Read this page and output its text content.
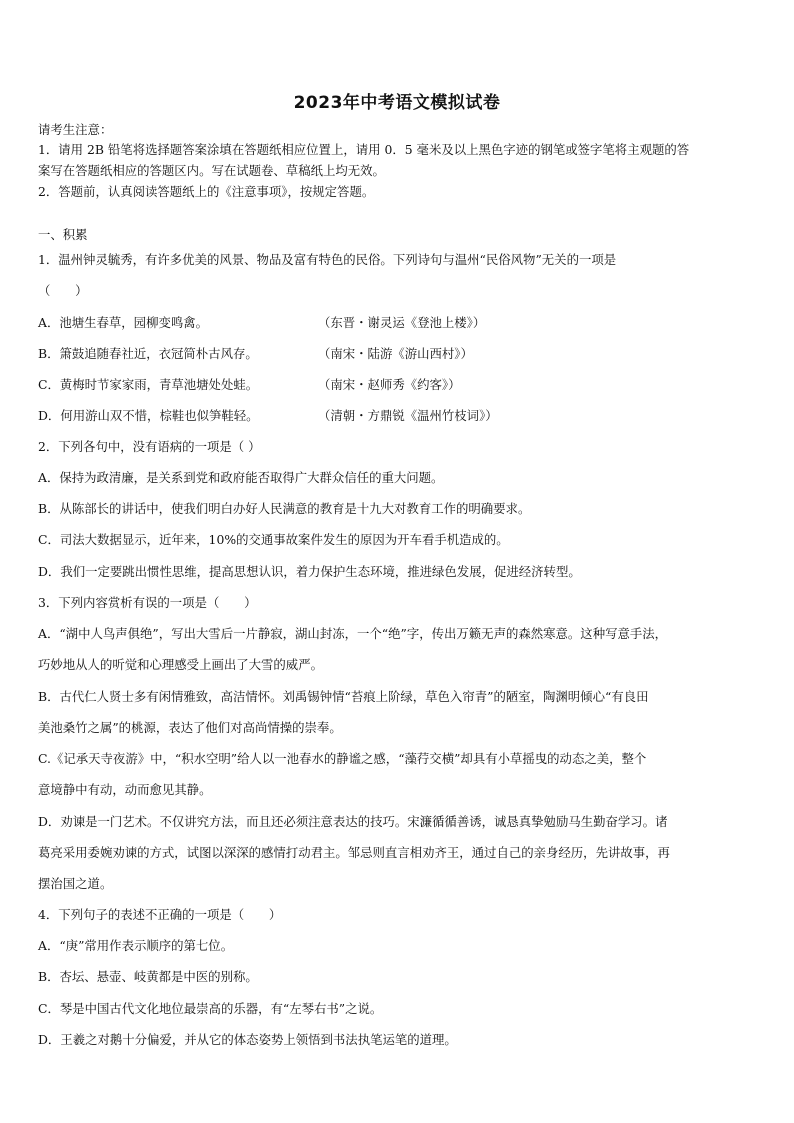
2023年中考语文模拟试卷
请考生注意：
1．请用 2B 铅笔将选择题答案涂填在答题纸相应位置上，请用 0．5 毫米及以上黑色字迹的钢笔或签字笔将主观题的答
案写在答题纸相应的答题区内。写在试题卷、草稿纸上均无效。
2．答题前，认真阅读答题纸上的《注意事项》，按规定答题。
一、积累
1．温州钟灵毓秀，有许多优美的风景、物品及富有特色的民俗。下列诗句与温州“民俗风物”无关的一项是
（　　）
A．池塘生春草，园柳变鸣禽。	（东晋・谢灵运《登池上楼》）
B．箫鼓追随春社近，衣冠简朴古风存。	（南宋・陆游《游山西村》）
C．黄梅时节家家雨，青草池塘处处蛙。	（南宋・赵师秀《约客》）
D．何用游山双不惜，棕鞋也似笋鞋轻。	（清朝・方鼎锐《温州竹枝词》）
2．下列各句中，没有语病的一项是（ ）
A．保持为政清廉，是关系到党和政府能否取得广大群众信任的重大问题。
B．从陈部长的讲话中，使我们明白办好人民满意的教育是十九大对教育工作的明确要求。
C．司法大数据显示，近年来，10%的交通事故案件发生的原因为开车看手机造成的。
D．我们一定要跳出惯性思维，提高思想认识，着力保护生态环境，推进绿色发展，促进经济转型。
3．下列内容赏析有误的一项是（　　）
A．“湖中人鸟声俱绝”，写出大雪后一片静寂，湖山封冻，一个“绝”字，传出万籁无声的森然寒意。这种写意手法，
巧妙地从人的听觉和心理感受上画出了大雪的威严。
B．古代仁人贤士多有闲情雅致，高洁情怀。刘禹锡钟情“苔痕上阶绿，草色入帘青”的陋室，陶渊明倾心“有良田
美池桑竹之属”的桃源，表达了他们对高尚情操的崇奉。
C.《记承天寺夜游》中，“积水空明”给人以一池春水的静谧之感，“藻荇交横”却具有小草摇曳的动态之美，整个
意境静中有动，动而愈见其静。
D．劝谏是一门艺术。不仅讲究方法，而且还必须注意表达的技巧。宋濂循循善诱，诚恳真挚勉励马生勤奋学习。诸
葛亮采用委婉劝谏的方式，试图以深深的感情打动君主。邹忌则直言相劝齐王，通过自己的亲身经历，先讲故事，再
摆治国之道。
4．下列句子的表述不正确的一项是（　　）
A．“庚”常用作表示顺序的第七位。
B．杏坛、悬壶、岐黄都是中医的别称。
C．琴是中国古代文化地位最崇高的乐器，有“左琴右书”之说。
D．王羲之对鹅十分偏爱，并从它的体态姿势上领悟到书法执笔运笔的道理。
